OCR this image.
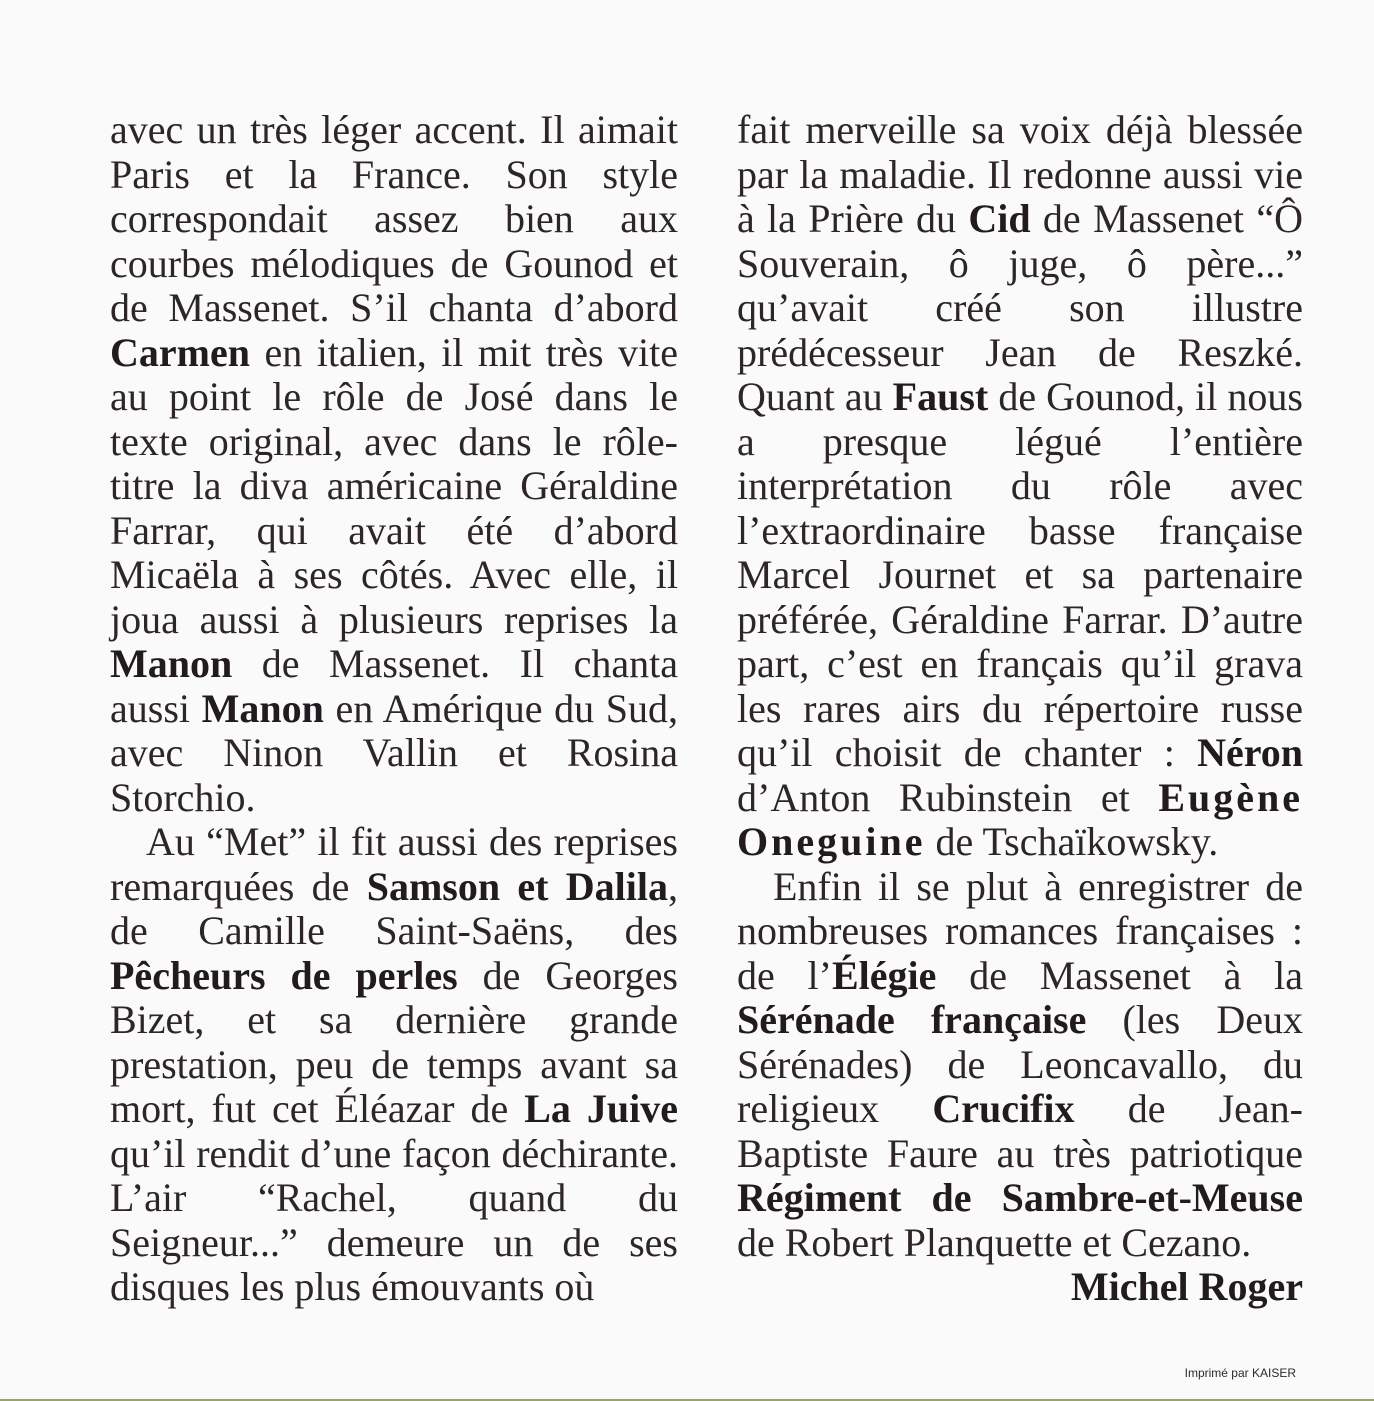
avec un très léger accent. Il aimait Paris et la France. Son style correspondait assez bien aux courbes mélodiques de Gounod et de Massenet. S’il chanta d’abord Carmen en italien, il mit très vite au point le rôle de José dans le texte original, avec dans le rôle-titre la diva américaine Géraldine Farrar, qui avait été d’abord Micaëla à ses côtés. Avec elle, il joua aussi à plusieurs reprises la Manon de Massenet. Il chanta aussi Manon en Amérique du Sud, avec Ninon Vallin et Rosina Storchio.

Au “Met” il fit aussi des reprises remarquées de Samson et Dalila, de Camille Saint-Saëns, des Pêcheurs de perles de Georges Bizet, et sa dernière grande prestation, peu de temps avant sa mort, fut cet Éléazar de La Juive qu’il rendit d’une façon déchirante. L’air “Rachel, quand du Seigneur...” demeure un de ses disques les plus émouvants où

fait merveille sa voix déjà blessée par la maladie. Il redonne aussi vie à la Prière du Cid de Massenet “Ô Souverain, ô juge, ô père...” qu’avait créé son illustre prédécesseur Jean de Reszké. Quant au Faust de Gounod, il nous a presque légué l’entière interprétation du rôle avec l’extraordinaire basse française Marcel Journet et sa partenaire préférée, Géraldine Farrar. D’autre part, c’est en français qu’il grava les rares airs du répertoire russe qu’il choisit de chanter : Néron d’Anton Rubinstein et Eugène Oneguine de Tschaïkowsky.

Enfin il se plut à enregistrer de nombreuses romances françaises : de l’Élégie de Massenet à la Sérénade française (les Deux Sérénades) de Leoncavallo, du religieux Crucifix de Jean-Baptiste Faure au très patriotique Régiment de Sambre-et-Meuse de Robert Planquette et Cezano.

Michel Roger
Imprimé par KAISER
